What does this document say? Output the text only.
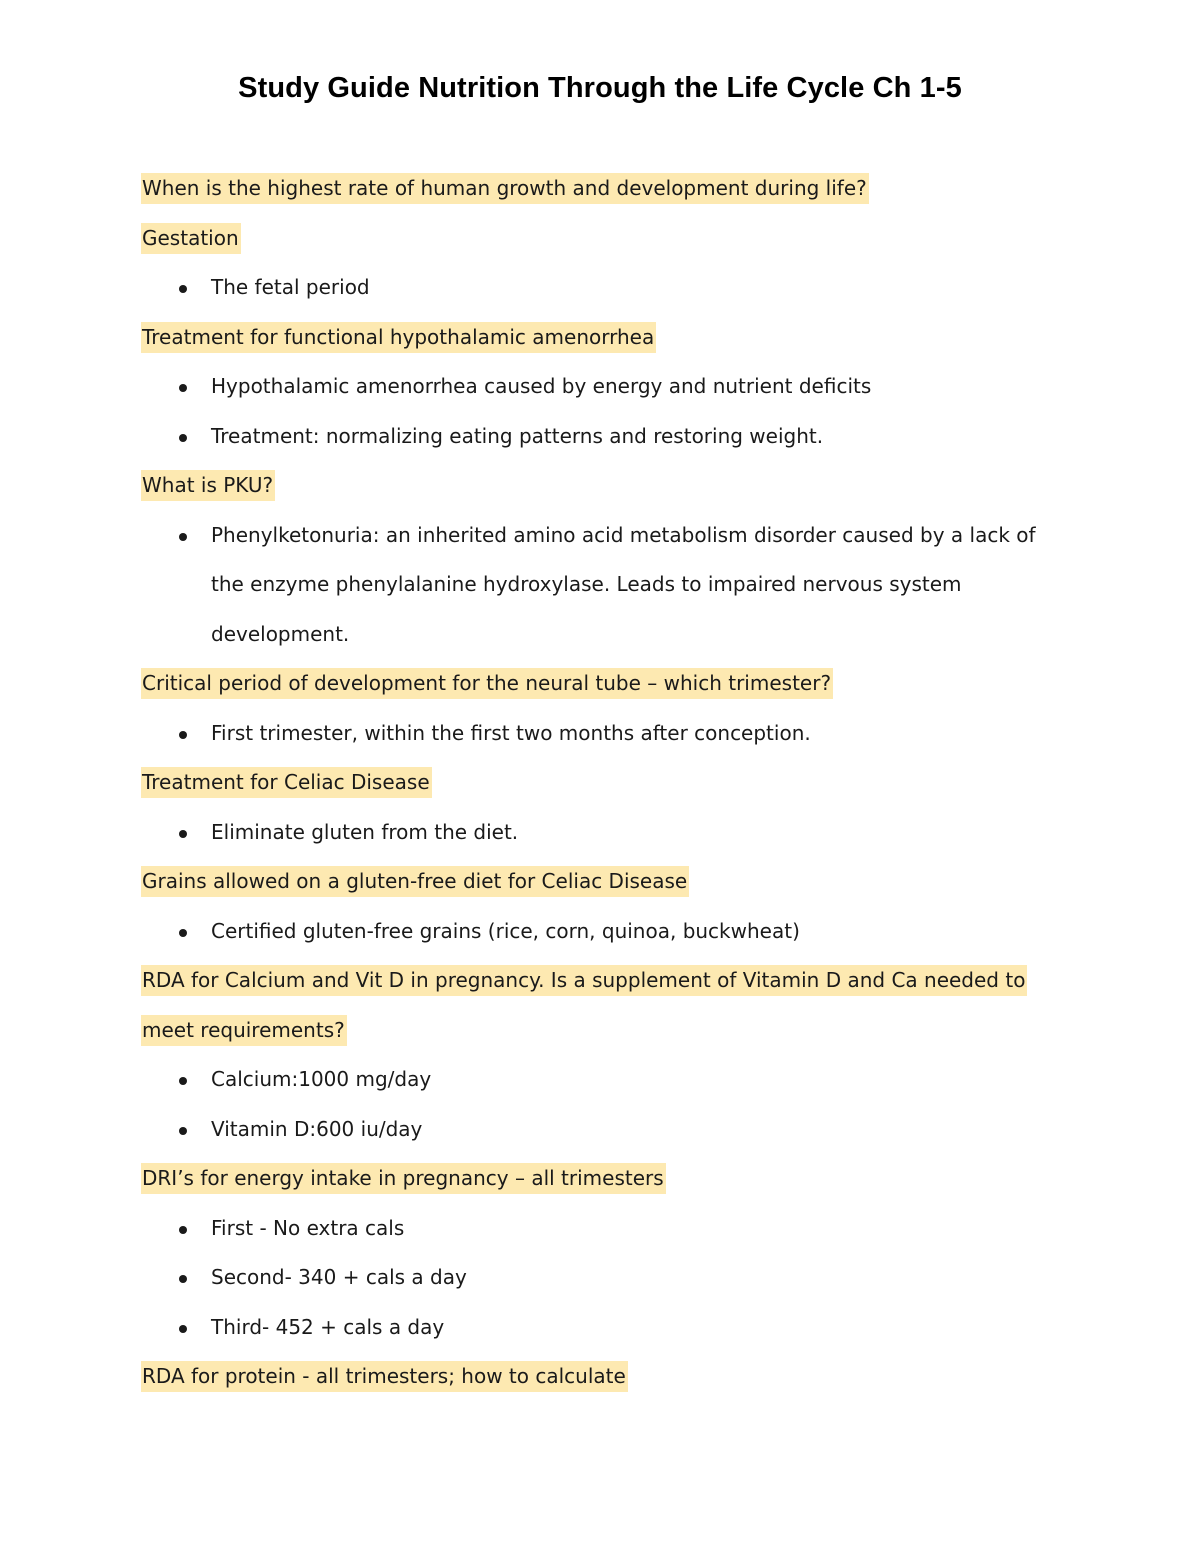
Study Guide Nutrition Through the Life Cycle Ch 1-5

When is the highest rate of human growth and development during life?

Gestation

The fetal period

Treatment for functional hypothalamic amenorrhea

Hypothalamic amenorrhea caused by energy and nutrient deficits
Treatment: normalizing eating patterns and restoring weight.

What is PKU?

Phenylketonuria: an inherited amino acid metabolism disorder caused by a lack of the enzyme phenylalanine hydroxylase. Leads to impaired nervous system development.

Critical period of development for the neural tube – which trimester?

First trimester, within the first two months after conception.

Treatment for Celiac Disease

Eliminate gluten from the diet.

Grains allowed on a gluten-free diet for Celiac Disease

Certified gluten-free grains (rice, corn, quinoa, buckwheat)

RDA for Calcium and Vit D in pregnancy. Is a supplement of Vitamin D and Ca needed to meet requirements?

Calcium:1000 mg/day
Vitamin D:600 iu/day

DRI’s for energy intake in pregnancy – all trimesters

First - No extra cals
Second- 340 + cals a day
Third- 452 + cals a day

RDA for protein - all trimesters; how to calculate
